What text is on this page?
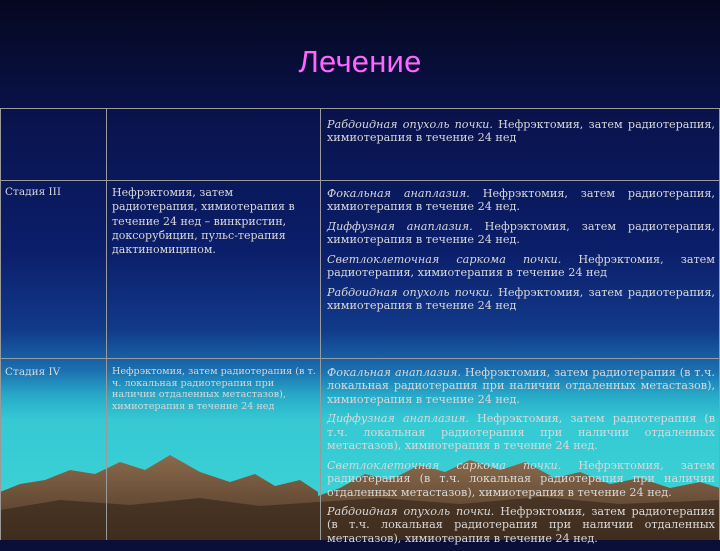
Лечение

Рабдоидная опухоль почки. Нефрэктомия, затем радиотерапия, химиотерапия в течение 24 нед

Стадия III	Нефрэктомия, затем радиотерапия, химиотерапия в течение 24 нед – винкристин, доксорубицин, пульс-терапия дактиномицином.

Фокальная анаплазия. Нефрэктомия, затем радиотерапия, химиотерапия в течение 24 нед.

Диффузная анаплазия. Нефрэктомия, затем радиотерапия, химиотерапия в течение 24 нед.

Светлоклеточная саркома почки. Нефрэктомия, затем радиотерапия, химиотерапия в течение 24 нед

Рабдоидная опухоль почки. Нефрэктомия, затем радиотерапия, химиотерапия в течение 24 нед

Стадия IV	Нефрэктомия, затем радиотерапия (в т. ч. локальная радиотерапия при наличии отдаленных метастазов), химиотерапия в течение 24 нед

Фокальная анаплазия. Нефрэктомия, затем радиотерапия (в т.ч. локальная радиотерапия при наличии отдаленных метастазов), химиотерапия в течение 24 нед.

Диффузная анаплазия. Нефрэктомия, затем радиотерапия (в т.ч. локальная радиотерапия при наличии отдаленных метастазов), химиотерапия в течение 24 нед.

Светлоклеточная саркома почки. Нефрэктомия, затем радиотерапия (в т.ч. локальная радиотерапия при наличии отдаленных метастазов), химиотерапия в течение 24 нед.

Рабдоидная опухоль почки. Нефрэктомия, затем радиотерапия (в т.ч. локальная радиотерапия при наличии отдаленных метастазов), химиотерапия в течение 24 нед.
